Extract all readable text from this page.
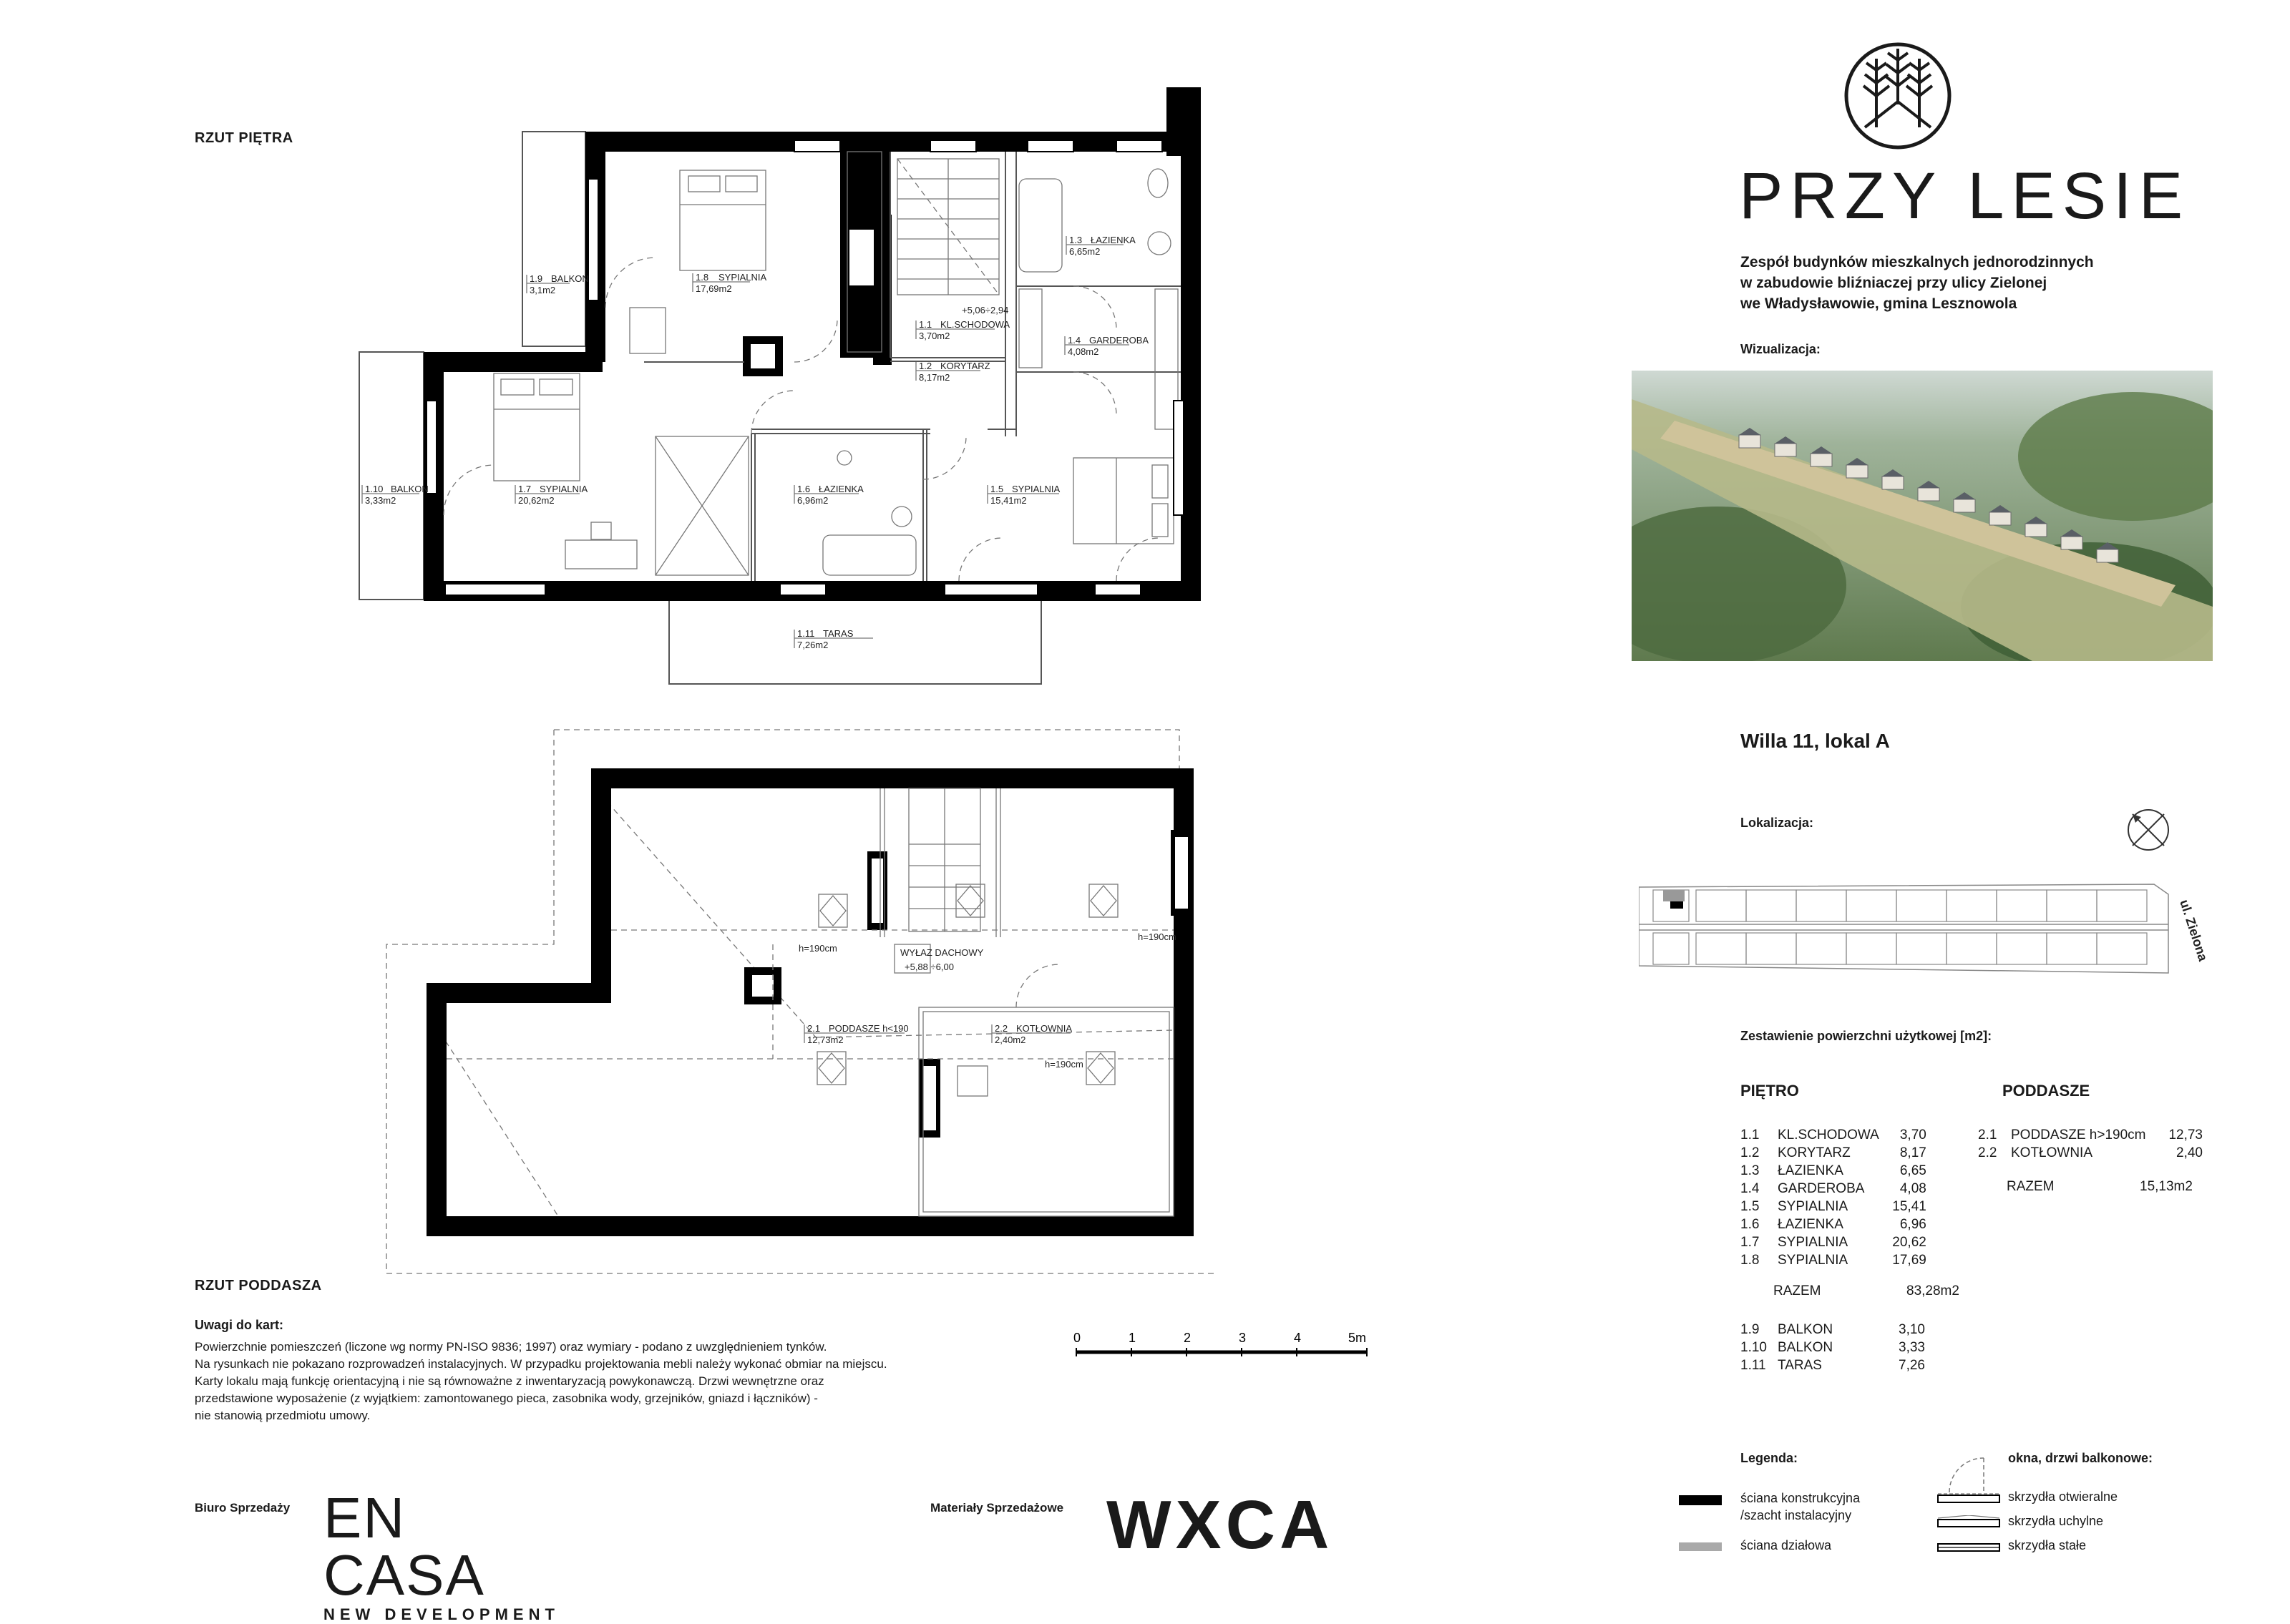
RZUT PIĘTRA
1.8 SYPIALNIA
17,69m2
1.9 BALKON
3,1m2
1.3 ŁAZIENKA
6,65m2
1.1 KL.SCHODOWA
3,70m2
+5,06÷2,94
1.4 GARDEROBA
4,08m2
1.2 KORYTARZ
8,17m2
1.7 SYPIALNIA
20,62m2
1.10 BALKON
3,33m2
1.6 ŁAZIENKA
6,96m2
1.5 SYPIALNIA
15,41m2
1.11 TARAS
7,26m2
WYŁAZ DACHOWY
+5,88 ÷6,00
h=190cm
h=190cm
h=190cm
2.1 PODDASZE h<190
12,73m2
2.2 KOTŁOWNIA
2,40m2
RZUT PODDASZA
0	1	2	3	4	5m
Uwagi do kart:
Powierzchnie pomieszczeń (liczone wg normy PN-ISO 9836; 1997) oraz wymiary - podano z uwzględnieniem tynków.
Na rysunkach nie pokazano rozprowadzeń instalacyjnych. W przypadku projektowania mebli należy wykonać obmiar na miejscu.
Karty lokalu mają funkcję orientacyjną i nie są równoważne z inwentaryzacją powykonawczą. Drzwi wewnętrzne oraz
przedstawione wyposażenie (z wyjątkiem: zamontowanego pieca, zasobnika wody, grzejników, gniazd i łączników) -
nie stanowią przedmiotu umowy.
Biuro Sprzedaży EN CASA
NEW DEVELOPMENT
Materiały Sprzedażowe WXCA
PRZY LESIE
Zespół budynków mieszkalnych jednorodzinnych
w zabudowie bliźniaczej przy ulicy Zielonej
we Władysławowie, gmina Lesznowola
Wizualizacja:
Willa 11, lokal A
Lokalizacja:
ul. Zielona
Zestawienie powierzchni użytkowej [m2]:
PIĘTRO	PODDASZE
1.1	KL.SCHODOWA	3,70
1.2	KORYTARZ	8,17
1.3	ŁAZIENKA	6,65
1.4	GARDEROBA	4,08
1.5	SYPIALNIA	15,41
1.6	ŁAZIENKA	6,96
1.7	SYPIALNIA	20,62
1.8	SYPIALNIA	17,69
RAZEM	83,28m2
1.9	BALKON	3,10
1.10	BALKON	3,33
1.11	TARAS	7,26
2.1	PODDASZE h>190cm	12,73
2.2	KOTŁOWNIA	2,40
RAZEM	15,13m2
Legenda:
ściana konstrukcyjna
/szacht instalacyjny
ściana działowa
okna, drzwi balkonowe:
skrzydła otwieralne
skrzydła uchylne
skrzydła stałe
